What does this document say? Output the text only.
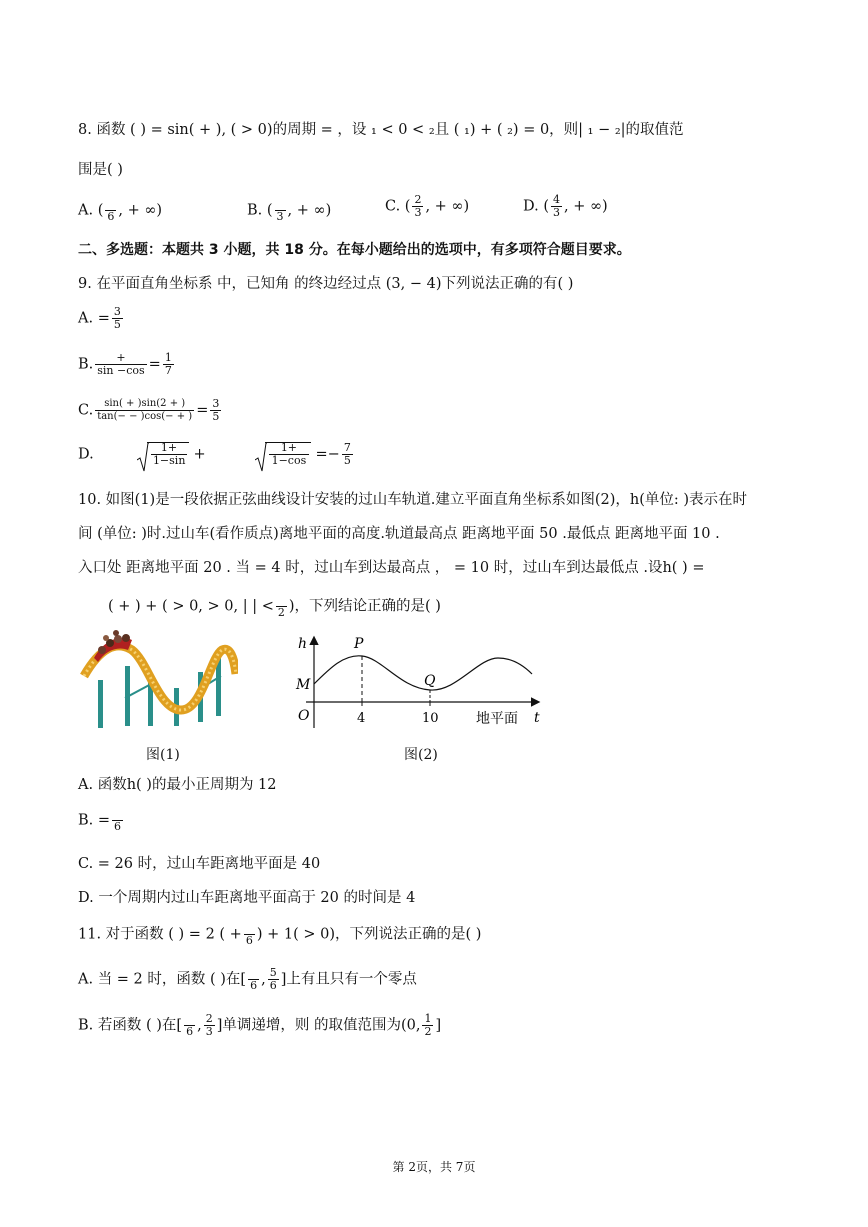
8. 函数 ( ) = sin( + ), ( > 0)的周期 = ，设 ₁ < 0 < ₂且 ( ₁) + ( ₂) = 0，则| ₁ − ₂|的取值范
围是( )
A. (
6 , + ∞)	B. (
3 , + ∞)	C. ( $\frac{2}{3}$ , + ∞)	D. ( $\frac{4}{3}$ , + ∞)
二、多选题：本题共 3 小题，共 18 分。在每小题给出的选项中，有多项符合题目要求。
9. 在平面直角坐标系 中，已知角 的终边经过点 (3, − 4)下列说法正确的有( )
A. = $\frac{3}{5}$
B. $\frac{+}{\sin -\cos} = \frac{1}{7}$
C. $\frac{\sin( + )\sin(2 + )}{\tan(- - )\cos(- + )} = \frac{3}{5}$
D.	$\frac{1+}{1-\sin}$ +	$\frac{1+}{1-\cos} =- \frac{7}{5}$
10. 如图(1)是一段依据正弦曲线设计安装的过山车轨道.建立平面直角坐标系如图(2)，h(单位: )表示在时
间 (单位: )时.过山车(看作质点)离地平面的高度.轨道最高点 距离地平面 50 .最低点 距离地平面 10 .
入口处 距离地平面 20 . 当 = 4 时，过山车到达最高点 ， = 10 时，过山车到达最低点 .设h( ) =
( + ) + ( > 0, > 0, | | <
2 )，下列结论正确的是( )
h	P
Q
M
O	4	10	地平面 t
图(1)	图(2)
A. 函数h( )的最小正周期为 12
B. =
6
C. = 26 时，过山车距离地平面是 40
D. 一个周期内过山车距离地平面高于 20 的时间是 4
11. 对于函数 ( ) = 2 ( +
6 ) + 1( > 0)，下列说法正确的是( )
A. 当 = 2 时，函数 ( )在[
6 , $\frac{5}{6}$ ]上有且只有一个零点
B. 若函数 ( )在[
6 , $\frac{2}{3}$ ]单调递增，则 的取值范围为(0, $\frac{1}{2}$ ]
第 2页，共 7页
